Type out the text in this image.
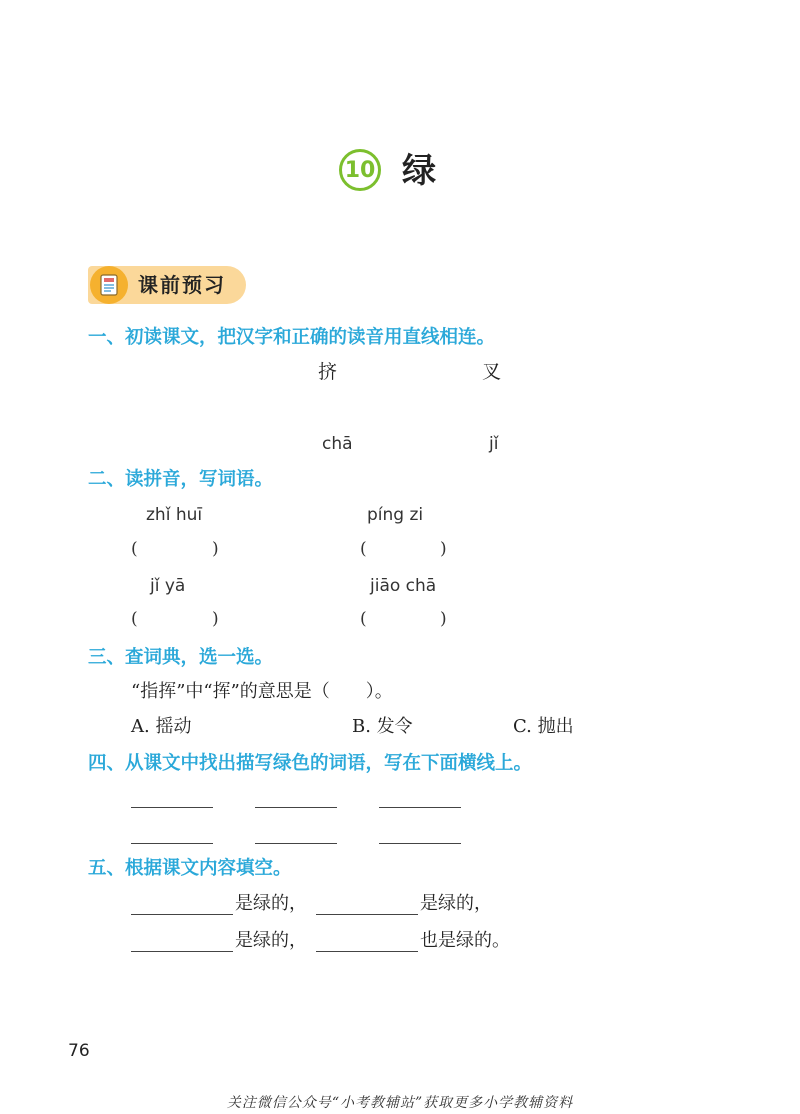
10 绿
课前预习
一、初读课文，把汉字和正确的读音用直线相连。
挤	叉
chā	jǐ
二、读拼音，写词语。
zhǐ huī
(	)
píng zi
(	)
jǐ yā
(	)
jiāo chā
(	)
三、查词典，选一选。
“指挥”中“挥”的意思是（　　）。
A. 摇动	B. 发令	C. 抛出
四、从课文中找出描写绿色的词语，写在下面横线上。
五、根据课文内容填空。
是绿的，	是绿的，
是绿的，	也是绿的。
76
关注微信公众号“小考教辅站”获取更多小学教辅资料
